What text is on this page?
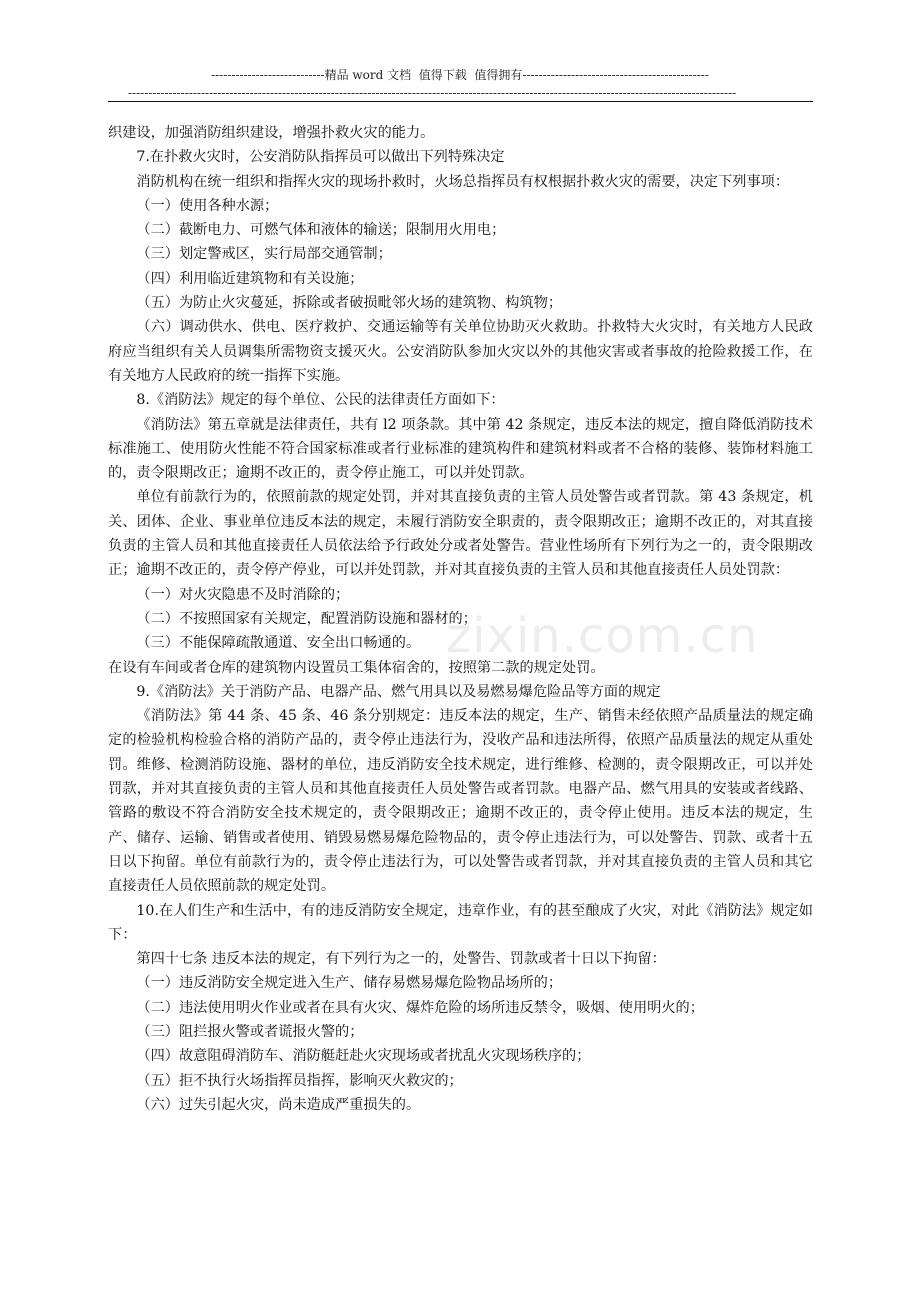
----------------------------精品 word 文档  值得下载  值得拥有----------------------------------------------
------------------------------------------------------------------------------------------------------------------------------------------------------
zixin.com.cn

织建设，加强消防组织建设，增强扑救火灾的能力。

7.在扑救火灾时，公安消防队指挥员可以做出下列特殊决定

消防机构在统一组织和指挥火灾的现场扑救时，火场总指挥员有权根据扑救火灾的需要，决定下列事项：

（一）使用各种水源；

（二）截断电力、可燃气体和液体的输送；限制用火用电；

（三）划定警戒区，实行局部交通管制；

（四）利用临近建筑物和有关设施；

（五）为防止火灾蔓延，拆除或者破损毗邻火场的建筑物、构筑物；

（六）调动供水、供电、医疗救护、交通运输等有关单位协助灭火救助。扑救特大火灾时，有关地方人民政府应当组织有关人员调集所需物资支援灭火。公安消防队参加火灾以外的其他灾害或者事故的抢险救援工作，在有关地方人民政府的统一指挥下实施。

8.《消防法》规定的每个单位、公民的法律责任方面如下：

《消防法》第五章就是法律责任，共有 l2 项条款。其中第 42 条规定，违反本法的规定，擅自降低消防技术标准施工、使用防火性能不符合国家标准或者行业标准的建筑构件和建筑材料或者不合格的装修、装饰材料施工的，责令限期改正；逾期不改正的，责令停止施工，可以并处罚款。

单位有前款行为的，依照前款的规定处罚，并对其直接负责的主管人员处警告或者罚款。第 43 条规定，机关、团体、企业、事业单位违反本法的规定，未履行消防安全职责的，责令限期改正；逾期不改正的，对其直接负责的主管人员和其他直接责任人员依法给予行政处分或者处警告。营业性场所有下列行为之一的，责令限期改正；逾期不改正的，责令停产停业，可以并处罚款，并对其直接负责的主管人员和其他直接责任人员处罚款：

（一）对火灾隐患不及时消除的；

（二）不按照国家有关规定，配置消防设施和器材的；

（三）不能保障疏散通道、安全出口畅通的。

在设有车间或者仓库的建筑物内设置员工集体宿舍的，按照第二款的规定处罚。

9.《消防法》关于消防产品、电器产品、燃气用具以及易燃易爆危险品等方面的规定

《消防法》第 44 条、45 条、46 条分别规定：违反本法的规定，生产、销售未经依照产品质量法的规定确定的检验机构检验合格的消防产品的，责令停止违法行为，没收产品和违法所得，依照产品质量法的规定从重处罚。维修、检测消防设施、器材的单位，违反消防安全技术规定，进行维修、检测的，责令限期改正，可以并处罚款，并对其直接负责的主管人员和其他直接责任人员处警告或者罚款。电器产品、燃气用具的安装或者线路、管路的敷设不符合消防安全技术规定的，责令限期改正；逾期不改正的，责令停止使用。违反本法的规定，生产、储存、运输、销售或者使用、销毁易燃易爆危险物品的，责令停止违法行为，可以处警告、罚款、或者十五日以下拘留。单位有前款行为的，责令停止违法行为，可以处警告或者罚款，并对其直接负责的主管人员和其它直接责任人员依照前款的规定处罚。

10.在人们生产和生活中，有的违反消防安全规定，违章作业，有的甚至酿成了火灾，对此《消防法》规定如下：

第四十七条 违反本法的规定，有下列行为之一的，处警告、罚款或者十日以下拘留：

（一）违反消防安全规定进入生产、储存易燃易爆危险物品场所的；

（二）违法使用明火作业或者在具有火灾、爆炸危险的场所违反禁令，吸烟、使用明火的；

（三）阻拦报火警或者谎报火警的；

（四）故意阻碍消防车、消防艇赶赴火灾现场或者扰乱火灾现场秩序的；

（五）拒不执行火场指挥员指挥，影响灭火救灾的；

（六）过失引起火灾，尚未造成严重损失的。
